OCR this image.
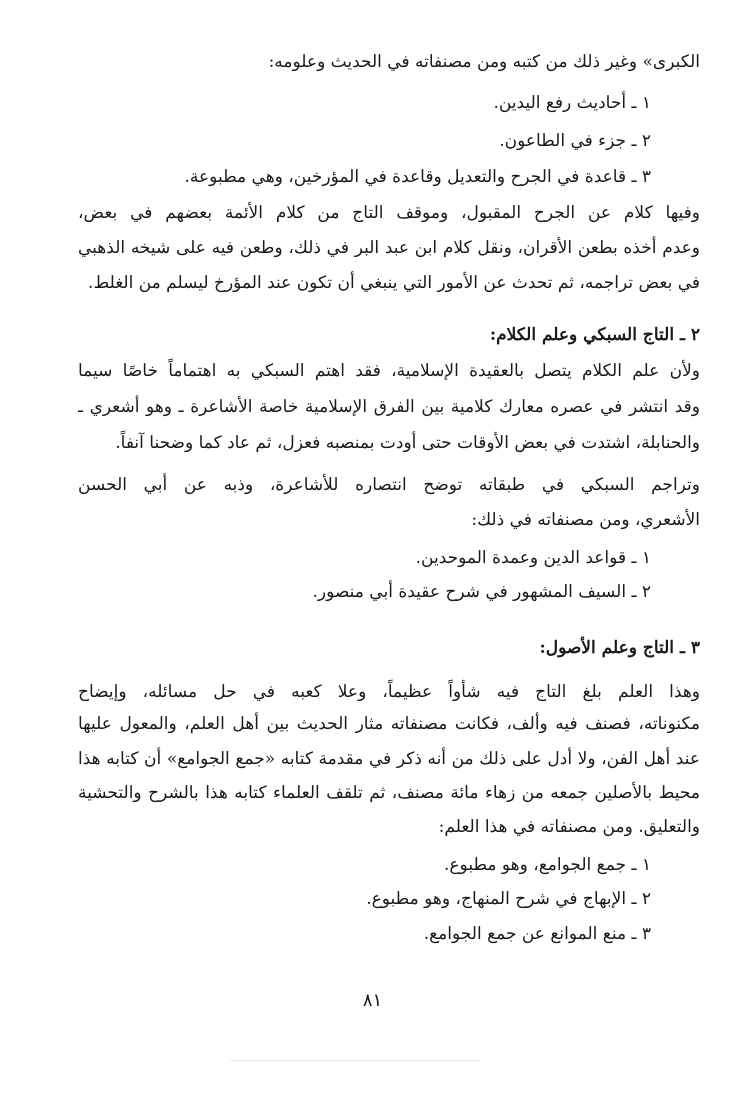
الكبرى» وغير ذلك من كتبه ومن مصنفاته في الحديث وعلومه:
١ ـ أحاديث رفع اليدين.
٢ ـ جزء في الطاعون.
٣ ـ قاعدة في الجرح والتعديل وقاعدة في المؤرخين، وهي مطبوعة.
وفيها كلام عن الجرح المقبول، وموقف التاج من كلام الأئمة بعضهم في بعض،
وعدم أخذه بطعن الأقران، ونقل كلام ابن عبد البر في ذلك، وطعن فيه على شيخه الذهبي
في بعض تراجمه، ثم تحدث عن الأمور التي ينبغي أن تكون عند المؤرخ ليسلم من الغلط.
٢ ـ التاج السبكي وعلم الكلام:
ولأن علم الكلام يتصل بالعقيدة الإسلامية، فقد اهتم السبكي به اهتماماً خاصًا سيما
وقد انتشر في عصره معارك كلامية بين الفرق الإسلامية خاصة الأشاعرة ـ وهو أشعري ـ
والحنابلة، اشتدت في بعض الأوقات حتى أودت بمنصبه فعزل، ثم عاد كما وضحنا آنفاً.
وتراجم السبكي في طبقاته توضح انتصاره للأشاعرة، وذبه عن أبي الحسن
الأشعري، ومن مصنفاته في ذلك:
١ ـ قواعد الدين وعمدة الموحدين.
٢ ـ السيف المشهور في شرح عقيدة أبي منصور.
٣ ـ التاج وعلم الأصول:
وهذا العلم بلغ التاج فيه شأواً عظيماً، وعلا كعبه في حل مسائله، وإيضاح
مكنوناته، فصنف فيه وألف، فكانت مصنفاته مثار الحديث بين أهل العلم، والمعول عليها
عند أهل الفن، ولا أدل على ذلك من أنه ذكر في مقدمة كتابه «جمع الجوامع» أن كتابه هذا
محيط بالأصلين جمعه من زهاء مائة مصنف، ثم تلقف العلماء كتابه هذا بالشرح والتحشية
والتعليق. ومن مصنفاته في هذا العلم:
١ ـ جمع الجوامع، وهو مطبوع.
٢ ـ الإبهاج في شرح المنهاج، وهو مطبوع.
٣ ـ منع الموانع عن جمع الجوامع.
٨١
